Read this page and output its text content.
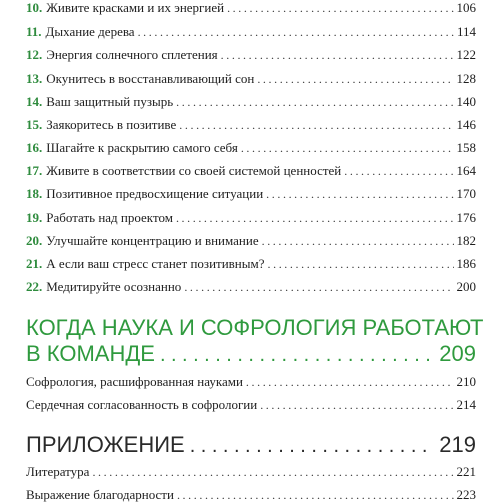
10. Живите красками и их энергией .....	106
11. Дыхание дерева .....	114
12. Энергия солнечного сплетения .....	122
13. Окунитесь в восстанавливающий сон .....	128
14. Ваш защитный пузырь .....	140
15. Заякоритесь в позитиве .....	146
16. Шагайте к раскрытию самого себя .....	158
17. Живите в соответствии со своей системой ценностей .....	164
18. Позитивное предвосхищение ситуации .....	170
19. Работать над проектом .....	176
20. Улучшайте концентрацию и внимание .....	182
21. А если ваш стресс станет позитивным? .....	186
22. Медитируйте осознанно .....	200
КОГДА НАУКА И СОФРОЛОГИЯ РАБОТАЮТ
В КОМАНДЕ .....	209
Софрология, расшифрованная науками .....	210
Сердечная согласованность в софрологии .....	214
ПРИЛОЖЕНИЕ .....	219
Литература .....	221
Выражение благодарности .....	223
